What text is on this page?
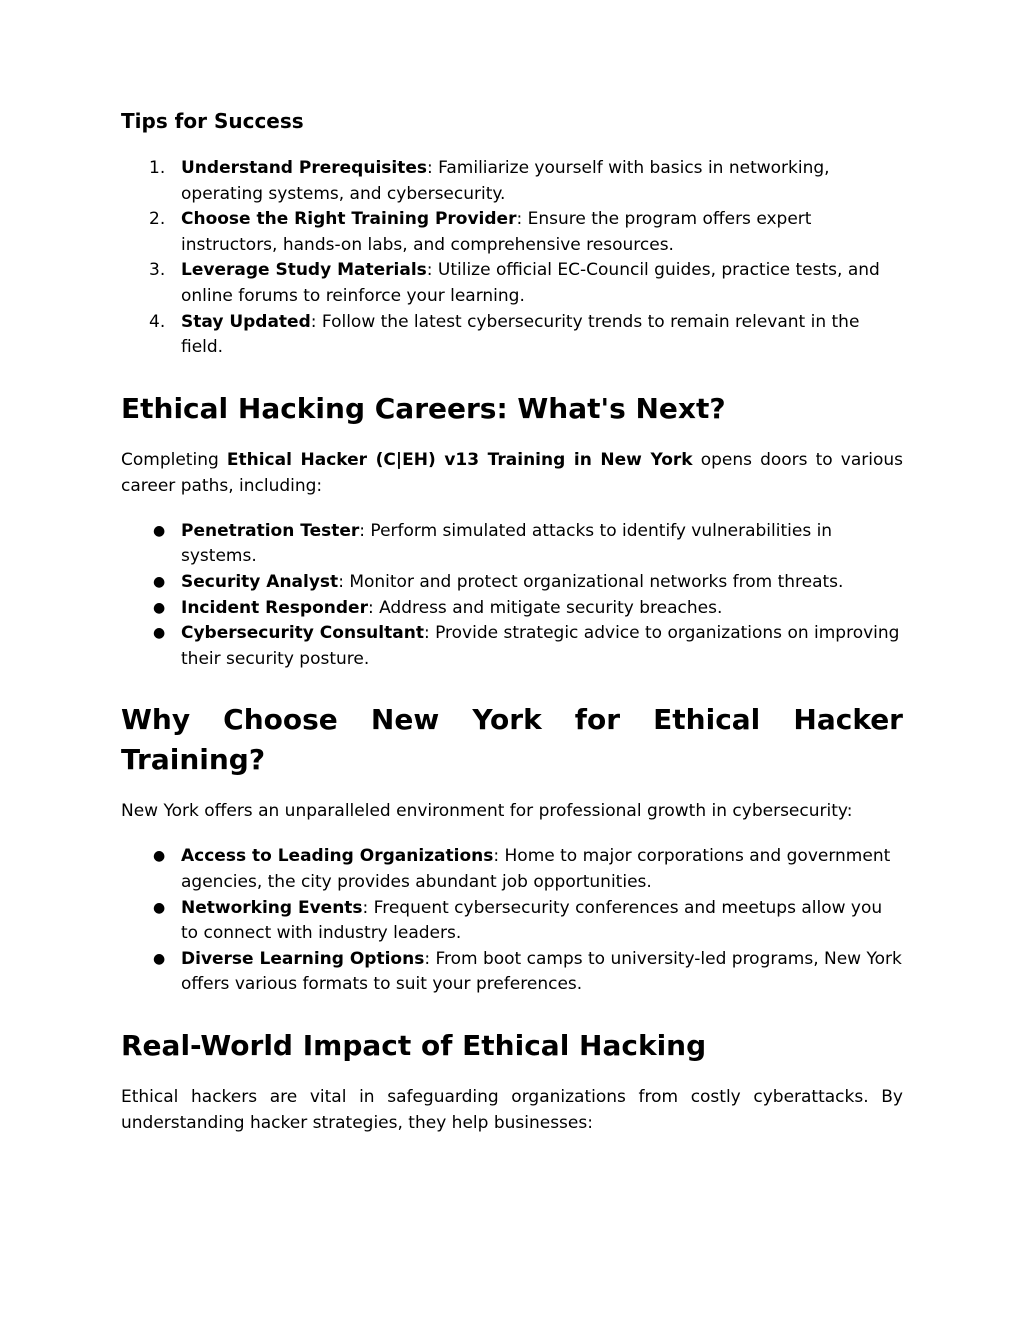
Tips for Success
1. Understand Prerequisites: Familiarize yourself with basics in networking, operating systems, and cybersecurity.
2. Choose the Right Training Provider: Ensure the program offers expert instructors, hands-on labs, and comprehensive resources.
3. Leverage Study Materials: Utilize official EC-Council guides, practice tests, and online forums to reinforce your learning.
4. Stay Updated: Follow the latest cybersecurity trends to remain relevant in the field.
Ethical Hacking Careers: What's Next?
Completing Ethical Hacker (C|EH) v13 Training in New York opens doors to various career paths, including:
● Penetration Tester: Perform simulated attacks to identify vulnerabilities in systems.
● Security Analyst: Monitor and protect organizational networks from threats.
● Incident Responder: Address and mitigate security breaches.
● Cybersecurity Consultant: Provide strategic advice to organizations on improving their security posture.
Why Choose New York for Ethical Hacker Training?
New York offers an unparalleled environment for professional growth in cybersecurity:
● Access to Leading Organizations: Home to major corporations and government agencies, the city provides abundant job opportunities.
● Networking Events: Frequent cybersecurity conferences and meetups allow you to connect with industry leaders.
● Diverse Learning Options: From boot camps to university-led programs, New York offers various formats to suit your preferences.
Real-World Impact of Ethical Hacking
Ethical hackers are vital in safeguarding organizations from costly cyberattacks. By understanding hacker strategies, they help businesses:
